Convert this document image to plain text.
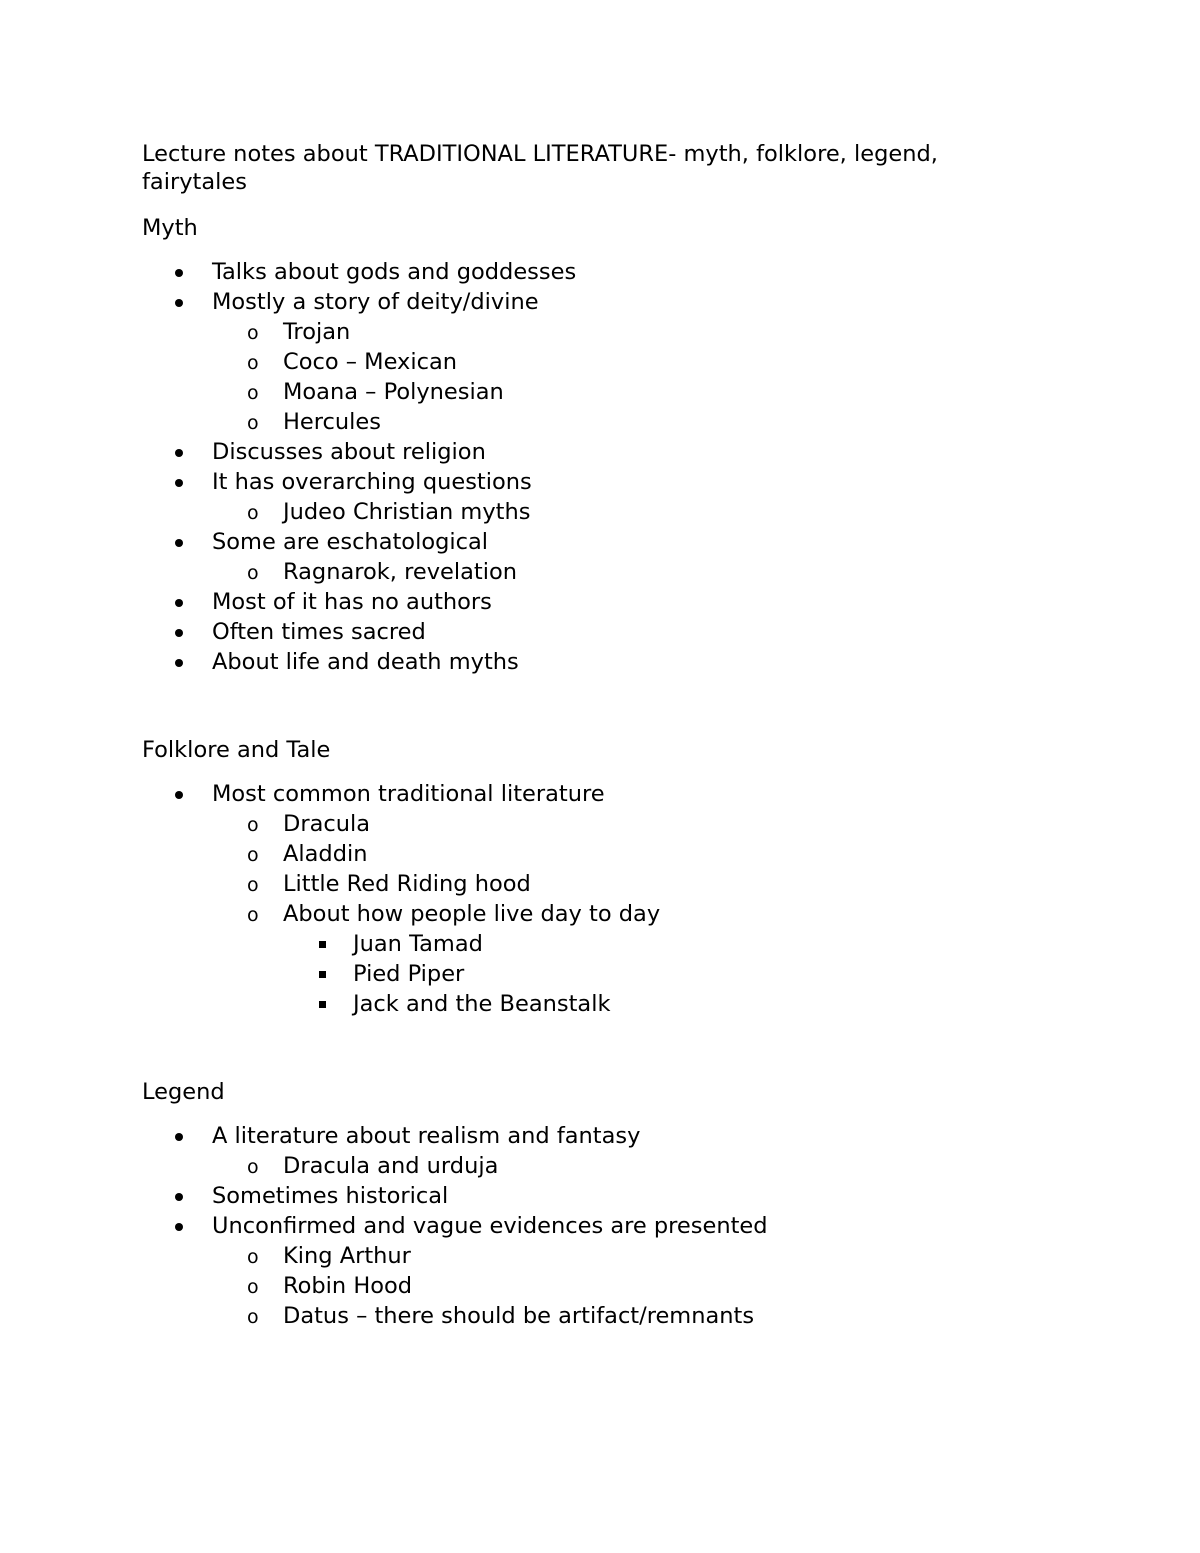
Lecture notes about TRADITIONAL LITERATURE- myth, folklore, legend, fairytales
Myth
Talks about gods and goddesses
Mostly a story of deity/divine
o Trojan
o Coco – Mexican
o Moana – Polynesian
o Hercules
Discusses about religion
It has overarching questions
o Judeo Christian myths
Some are eschatological
o Ragnarok, revelation
Most of it has no authors
Often times sacred
About life and death myths
Folklore and Tale
Most common traditional literature
o Dracula
o Aladdin
o Little Red Riding hood
o About how people live day to day
Juan Tamad
Pied Piper
Jack and the Beanstalk
Legend
A literature about realism and fantasy
o Dracula and urduja
Sometimes historical
Unconfirmed and vague evidences are presented
o King Arthur
o Robin Hood
o Datus – there should be artifact/remnants
